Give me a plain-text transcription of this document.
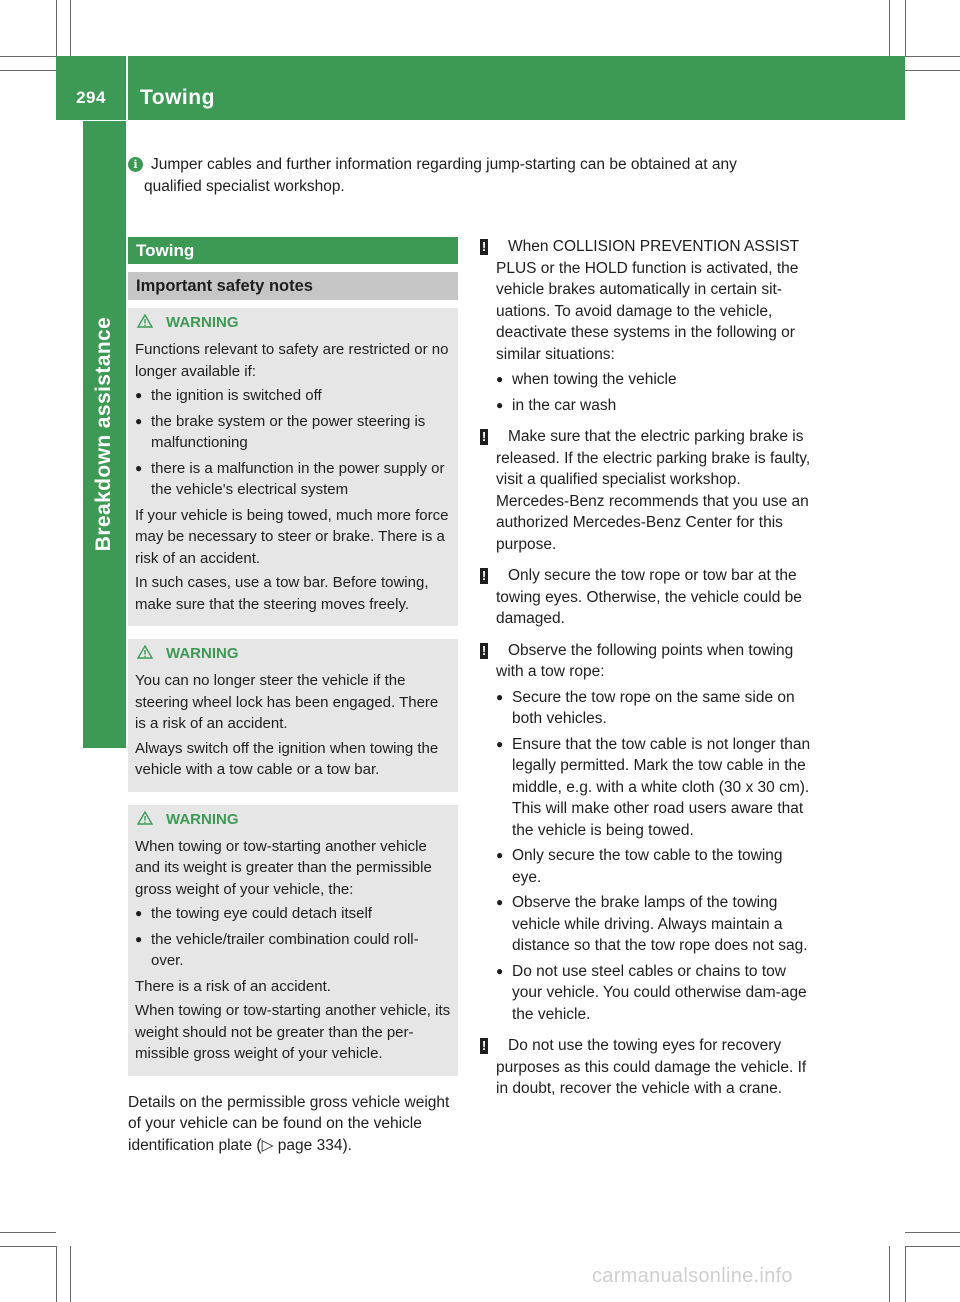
294	Towing
Breakdown assistance
i Jumper cables and further information regarding jump-starting can be obtained at any
qualified specialist workshop.
Towing
Important safety notes
WARNING

Functions relevant to safety are restricted or no longer available if:

● the ignition is switched off
● the brake system or the power steering is malfunctioning
● there is a malfunction in the power supply or the vehicle's electrical system

If your vehicle is being towed, much more force may be necessary to steer or brake. There is a risk of an accident.

In such cases, use a tow bar. Before towing, make sure that the steering moves freely.

WARNING

You can no longer steer the vehicle if the steering wheel lock has been engaged. There is a risk of an accident.

Always switch off the ignition when towing the vehicle with a tow cable or a tow bar.

WARNING

When towing or tow-starting another vehicle and its weight is greater than the permissible gross weight of your vehicle, the:

● the towing eye could detach itself
● the vehicle/trailer combination could roll-over.

There is a risk of an accident.

When towing or tow-starting another vehicle, its weight should not be greater than the per-missible gross weight of your vehicle.

Details on the permissible gross vehicle weight of your vehicle can be found on the vehicle identification plate (▷ page 334).
!	When COLLISION PREVENTION ASSIST PLUS or the HOLD function is activated, the vehicle brakes automatically in certain sit-uations. To avoid damage to the vehicle, deactivate these systems in the following or similar situations:
● when towing the vehicle
● in the car wash
!	Make sure that the electric parking brake is released. If the electric parking brake is faulty, visit a qualified specialist workshop. Mercedes-Benz recommends that you use an authorized Mercedes-Benz Center for this purpose.
!	Only secure the tow rope or tow bar at the towing eyes. Otherwise, the vehicle could be damaged.
!	Observe the following points when towing with a tow rope:
● Secure the tow rope on the same side on both vehicles.
● Ensure that the tow cable is not longer than legally permitted. Mark the tow cable in the middle, e.g. with a white cloth (30 x 30 cm). This will make other road users aware that the vehicle is being towed.
● Only secure the tow cable to the towing eye.
● Observe the brake lamps of the towing vehicle while driving. Always maintain a distance so that the tow rope does not sag.
● Do not use steel cables or chains to tow your vehicle. You could otherwise dam-age the vehicle.
!	Do not use the towing eyes for recovery purposes as this could damage the vehicle. If in doubt, recover the vehicle with a crane.
carmanualsonline.info
